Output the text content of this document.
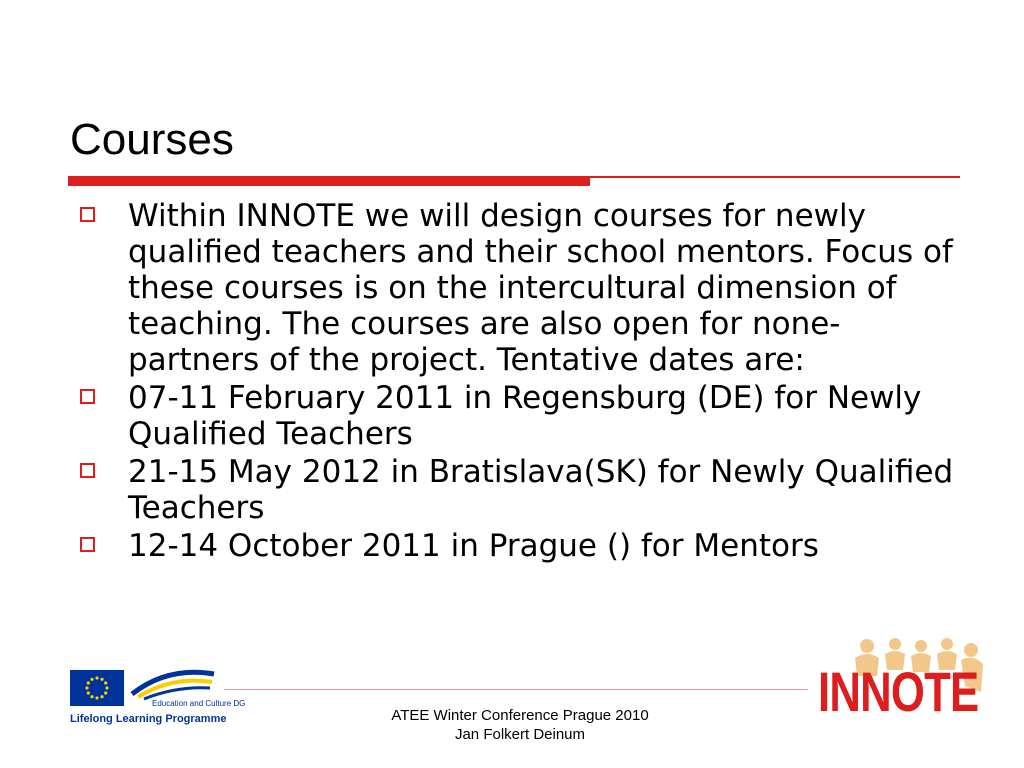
Courses
Within INNOTE we will design courses for newly qualified teachers and their school mentors. Focus of these courses is on the intercultural dimension of teaching. The courses are also open for none-partners of the project. Tentative dates are:
07-11 February 2011 in Regensburg (DE) for Newly Qualified Teachers
21-15 May 2012 in Bratislava(SK) for Newly Qualified Teachers
12-14 October 2011 in Prague () for Mentors
Education and Culture DG
Lifelong Learning Programme	ATEE Winter Conference Prague 2010
Jan Folkert Deinum
INNOTE
